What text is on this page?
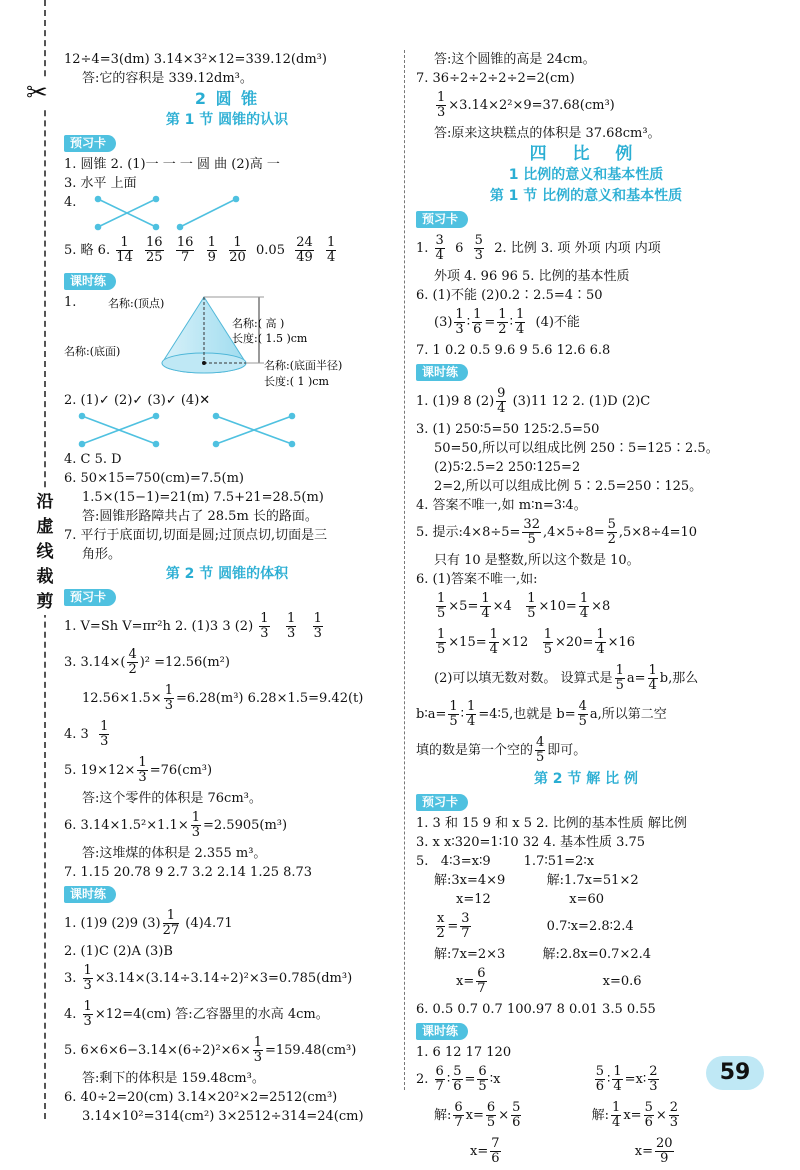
✂
沿虚线裁剪
12÷4=3(dm) 3.14×3²×12=339.12(dm³)
答:它的容积是 339.12dm³。
2 圆 锥
第 1 节 圆锥的认识
预习卡
1. 圆锥 2. (1)一 一 一 圆 曲 (2)高 一
3. 水平 上面
4.
5. 略 6. $\frac{1}{14}$
$\frac{16}{25}$
$\frac{16}{7}$
$\frac{1}{9}$
$\frac{1}{20} 0.05 \frac{24}{49}$
$\frac{1}{4}$
课时练
1.	名称:(顶点)
名称:( 高 )
长度:( 1.5 )cm
名称:(底面)
名称:(底面半径)
长度:( 1 )cm
2. (1)✓ (2)✓ (3)✓ (4)✕
4. C 5. D
6. 50×15=750(cm)=7.5(m)
1.5×(15−1)=21(m) 7.5+21=28.5(m)
答:圆锥形路障共占了 28.5m 长的路面。
7. 平行于底面切,切面是圆;过顶点切,切面是三
角形。
第 2 节 圆锥的体积
预习卡
1. V=Sh V=πr²h 2. (1)3 3 $(2) \frac{1}{3}$
$\frac{1}{3}$
$\frac{1}{3}$
3. $3.14\times( \frac{4}{2} )^2 =12.56(m^2)$
$12.56\times 1.5\times \frac{1}{3} =6.28(m^3)$ 6.28×1.5=9.42(t)
4. $3 \frac{1}{3}$
5. $19\times 12\times \frac{1}{3} =76(cm^3)$
答:这个零件的体积是 76cm³。
6. $3.14\times 1.5^2\times 1.1\times \frac{1}{3} =2.5905(m^3)$
答:这堆煤的体积是 2.355 m³。
7. 1.15 20.78 9 2.7 3.2 2.14 1.25 8.73
课时练
1. (1)9 (2)9 $(3) \frac{1}{27} (4)4.71$
2. (1)C (2)A (3)B
3. $\frac{1}{3} \times 3.14\times(3.14\div 3.14\div 2)^2\times 3=0.785(dm^3)$
4. $\frac{1}{3} \times 12=4(cm)$ 答:乙容器里的水高 4cm。
5. $6\times 6\times 6-3.14\times(6\div 2)^2\times 6\times \frac{1}{3} =159.48(cm^3)$
答:剩下的体积是 159.48cm³。
6. 40÷2=20(cm) 3.14×20²×2=2512(cm³)
3.14×10²=314(cm²) 3×2512÷314=24(cm)
答:这个圆锥的高是 24cm。
7. 36÷2÷2÷2÷2=2(cm)
$\frac{1}{3} \times 3.14\times 2^2\times 9=37.68(cm^3)$
答:原来这块糕点的体积是 37.68cm³。
四 比 例
1 比例的意义和基本性质
第 1 节 比例的意义和基本性质
预习卡
1. $\frac{3}{4} 6 \frac{5}{3} 2$. 比例 3. 项 外项 内项 内项
外项 4. 96 96 5. 比例的基本性质
6. (1)不能 (2)0.2∶2.5=4∶50
$(3) \frac{1}{3}$ ∶ $\frac{1}{6} = \frac{1}{2}$ ∶ $\frac{1}{4} (4)$不能
7. 1 0.2 0.5 9.6 9 5.6 12.6 6.8
课时练
1. (1)9 8 $(2) \frac{9}{4} (3)11$ 12 2. (1)D (2)C
3. (1) 250∶5=50 125∶2.5=50
50=50,所以可以组成比例 250∶5=125∶2.5。
(2)5∶2.5=2 250∶125=2
2=2,所以可以组成比例 5∶2.5=250∶125。
4. 答案不唯一,如 m∶n=3∶4。
5. 提示:4×8÷5= $\frac{32}{5} ,4\times 5\div 8= \frac{5}{2} ,5\times 8\div 4=10$
只有 10 是整数,所以这个数是 10。
6. (1)答案不唯一,如:
$\frac{1}{5} \times 5= \frac{1}{4} \times 4 \frac{1}{5} \times 10= \frac{1}{4} \times 8$
$\frac{1}{5} \times 15= \frac{1}{4} \times 12 \frac{1}{5} \times 20= \frac{1}{4} \times 16$
(2)可以填无数对数。 设算式是 $\frac{1}{5} a= \frac{1}{4} b$,那么
b∶a= $\frac{1}{5}$ ∶ $\frac{1}{4}$ =4∶5,也就是 $b= \frac{4}{5} a$,所以第二空
填的数是第一个空的 $\frac{4}{5}$ 即可。
第 2 节 解 比 例
预习卡
1. 3 和 15 9 和 x 5 2. 比例的基本性质 解比例
3. x x∶320=1∶10 32 4. 基本性质 3.75
5.   4∶3=x∶9        1.7∶51=2∶x
解:3x=4×9          解:1.7x=51×2
x=12                   x=60
$\frac{x}{2} = \frac{3}{7}$	0.7∶x=2.8∶2.4
解:7x=2×3         解:2.8x=0.7×2.4
$x= \frac{6}{7}$	x=0.6
6. 0.5 0.7 0.7 100.97 8 0.01 3.5 0.55
课时练
1. 6 12 17 120
2. $\frac{6}{7}$ ∶ $\frac{5}{6} = \frac{6}{5}$ ∶x	$\frac{5}{6}$ ∶ $\frac{1}{4}$ =x∶ $\frac{2}{3}$
解: $\frac{6}{7} x= \frac{6}{5} \times \frac{5}{6}$	解: $\frac{1}{4} x= \frac{5}{6} \times \frac{2}{3}$
$x= \frac{7}{6}$	$x= \frac{20}{9}$
59
